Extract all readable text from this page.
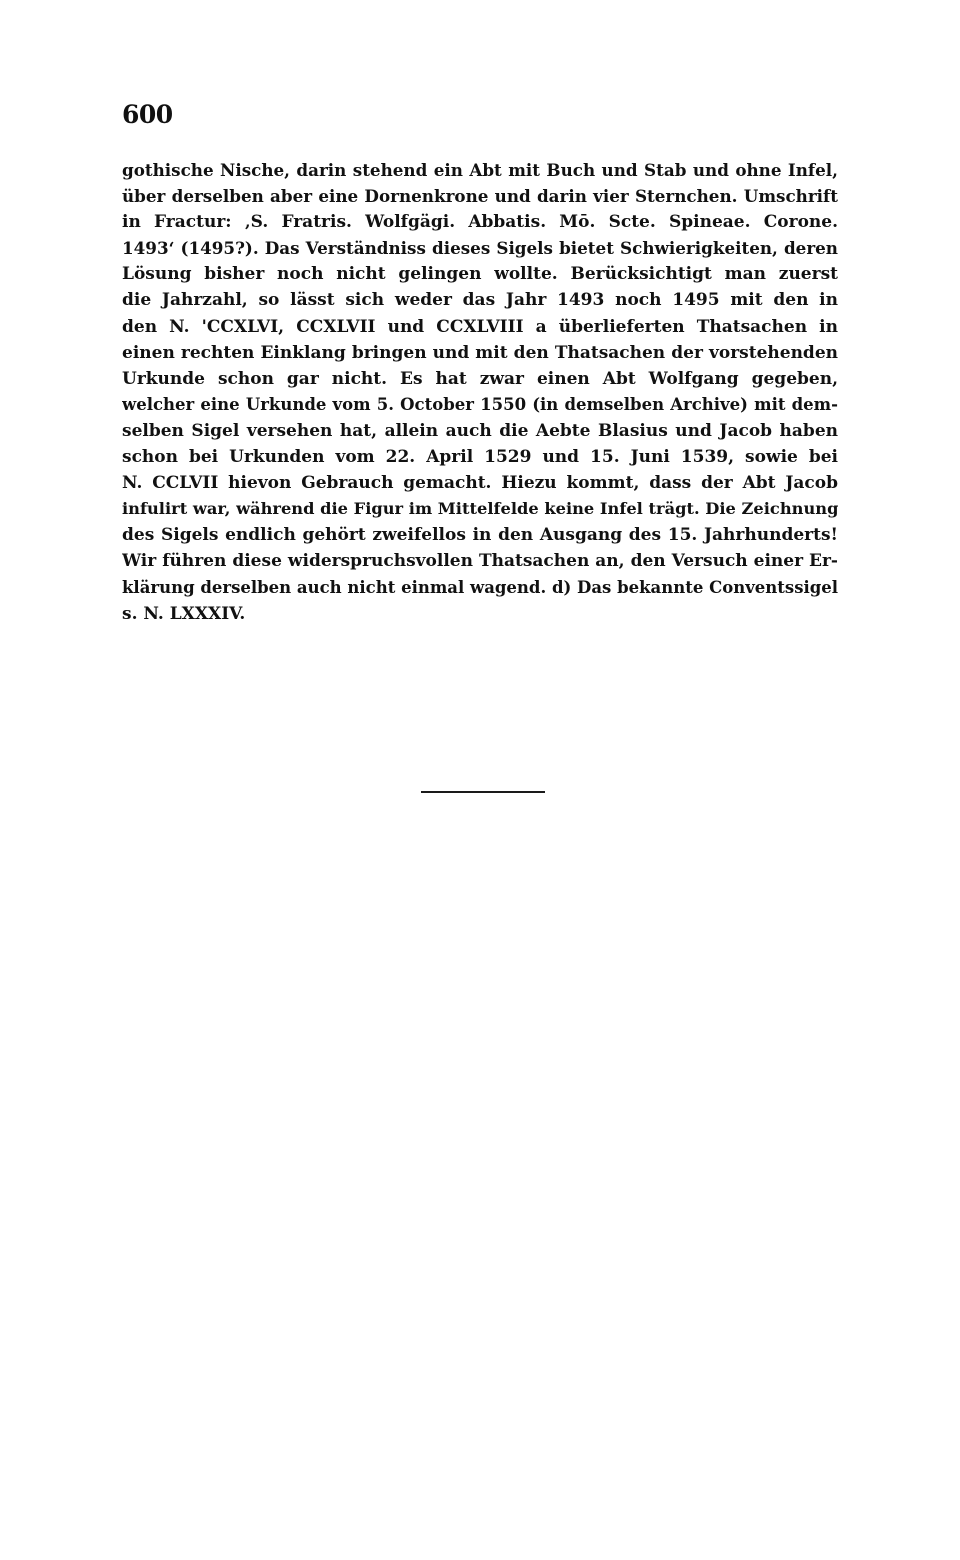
600
gothische Nische, darin stehend ein Abt mit Buch und Stab und ohne Infel,
über derselben aber eine Dornenkrone und darin vier Sternchen. Umschrift
in Fractur: ‚S. Fratris. Wolfgägi. Abbatis. Mō. Scte. Spineae. Corone.
1493‘ (1495?). Das Verständniss dieses Sigels bietet Schwierigkeiten, deren
Lösung bisher noch nicht gelingen wollte. Berücksichtigt man zuerst
die Jahrzahl, so lässt sich weder das Jahr 1493 noch 1495 mit den in
den N. 'CCXLVI, CCXLVII und CCXLVIII a überlieferten Thatsachen in
einen rechten Einklang bringen und mit den Thatsachen der vorstehenden
Urkunde schon gar nicht. Es hat zwar einen Abt Wolfgang gegeben,
welcher eine Urkunde vom 5. October 1550 (in demselben Archive) mit dem-
selben Sigel versehen hat, allein auch die Aebte Blasius und Jacob haben
schon bei Urkunden vom 22. April 1529 und 15. Juni 1539, sowie bei
N. CCLVII hievon Gebrauch gemacht. Hiezu kommt, dass der Abt Jacob
infulirt war, während die Figur im Mittelfelde keine Infel trägt. Die Zeichnung
des Sigels endlich gehört zweifellos in den Ausgang des 15. Jahrhunderts!
Wir führen diese widerspruchsvollen Thatsachen an, den Versuch einer Er-
klärung derselben auch nicht einmal wagend. d) Das bekannte Conventssigel
s. N. LXXXIV.
